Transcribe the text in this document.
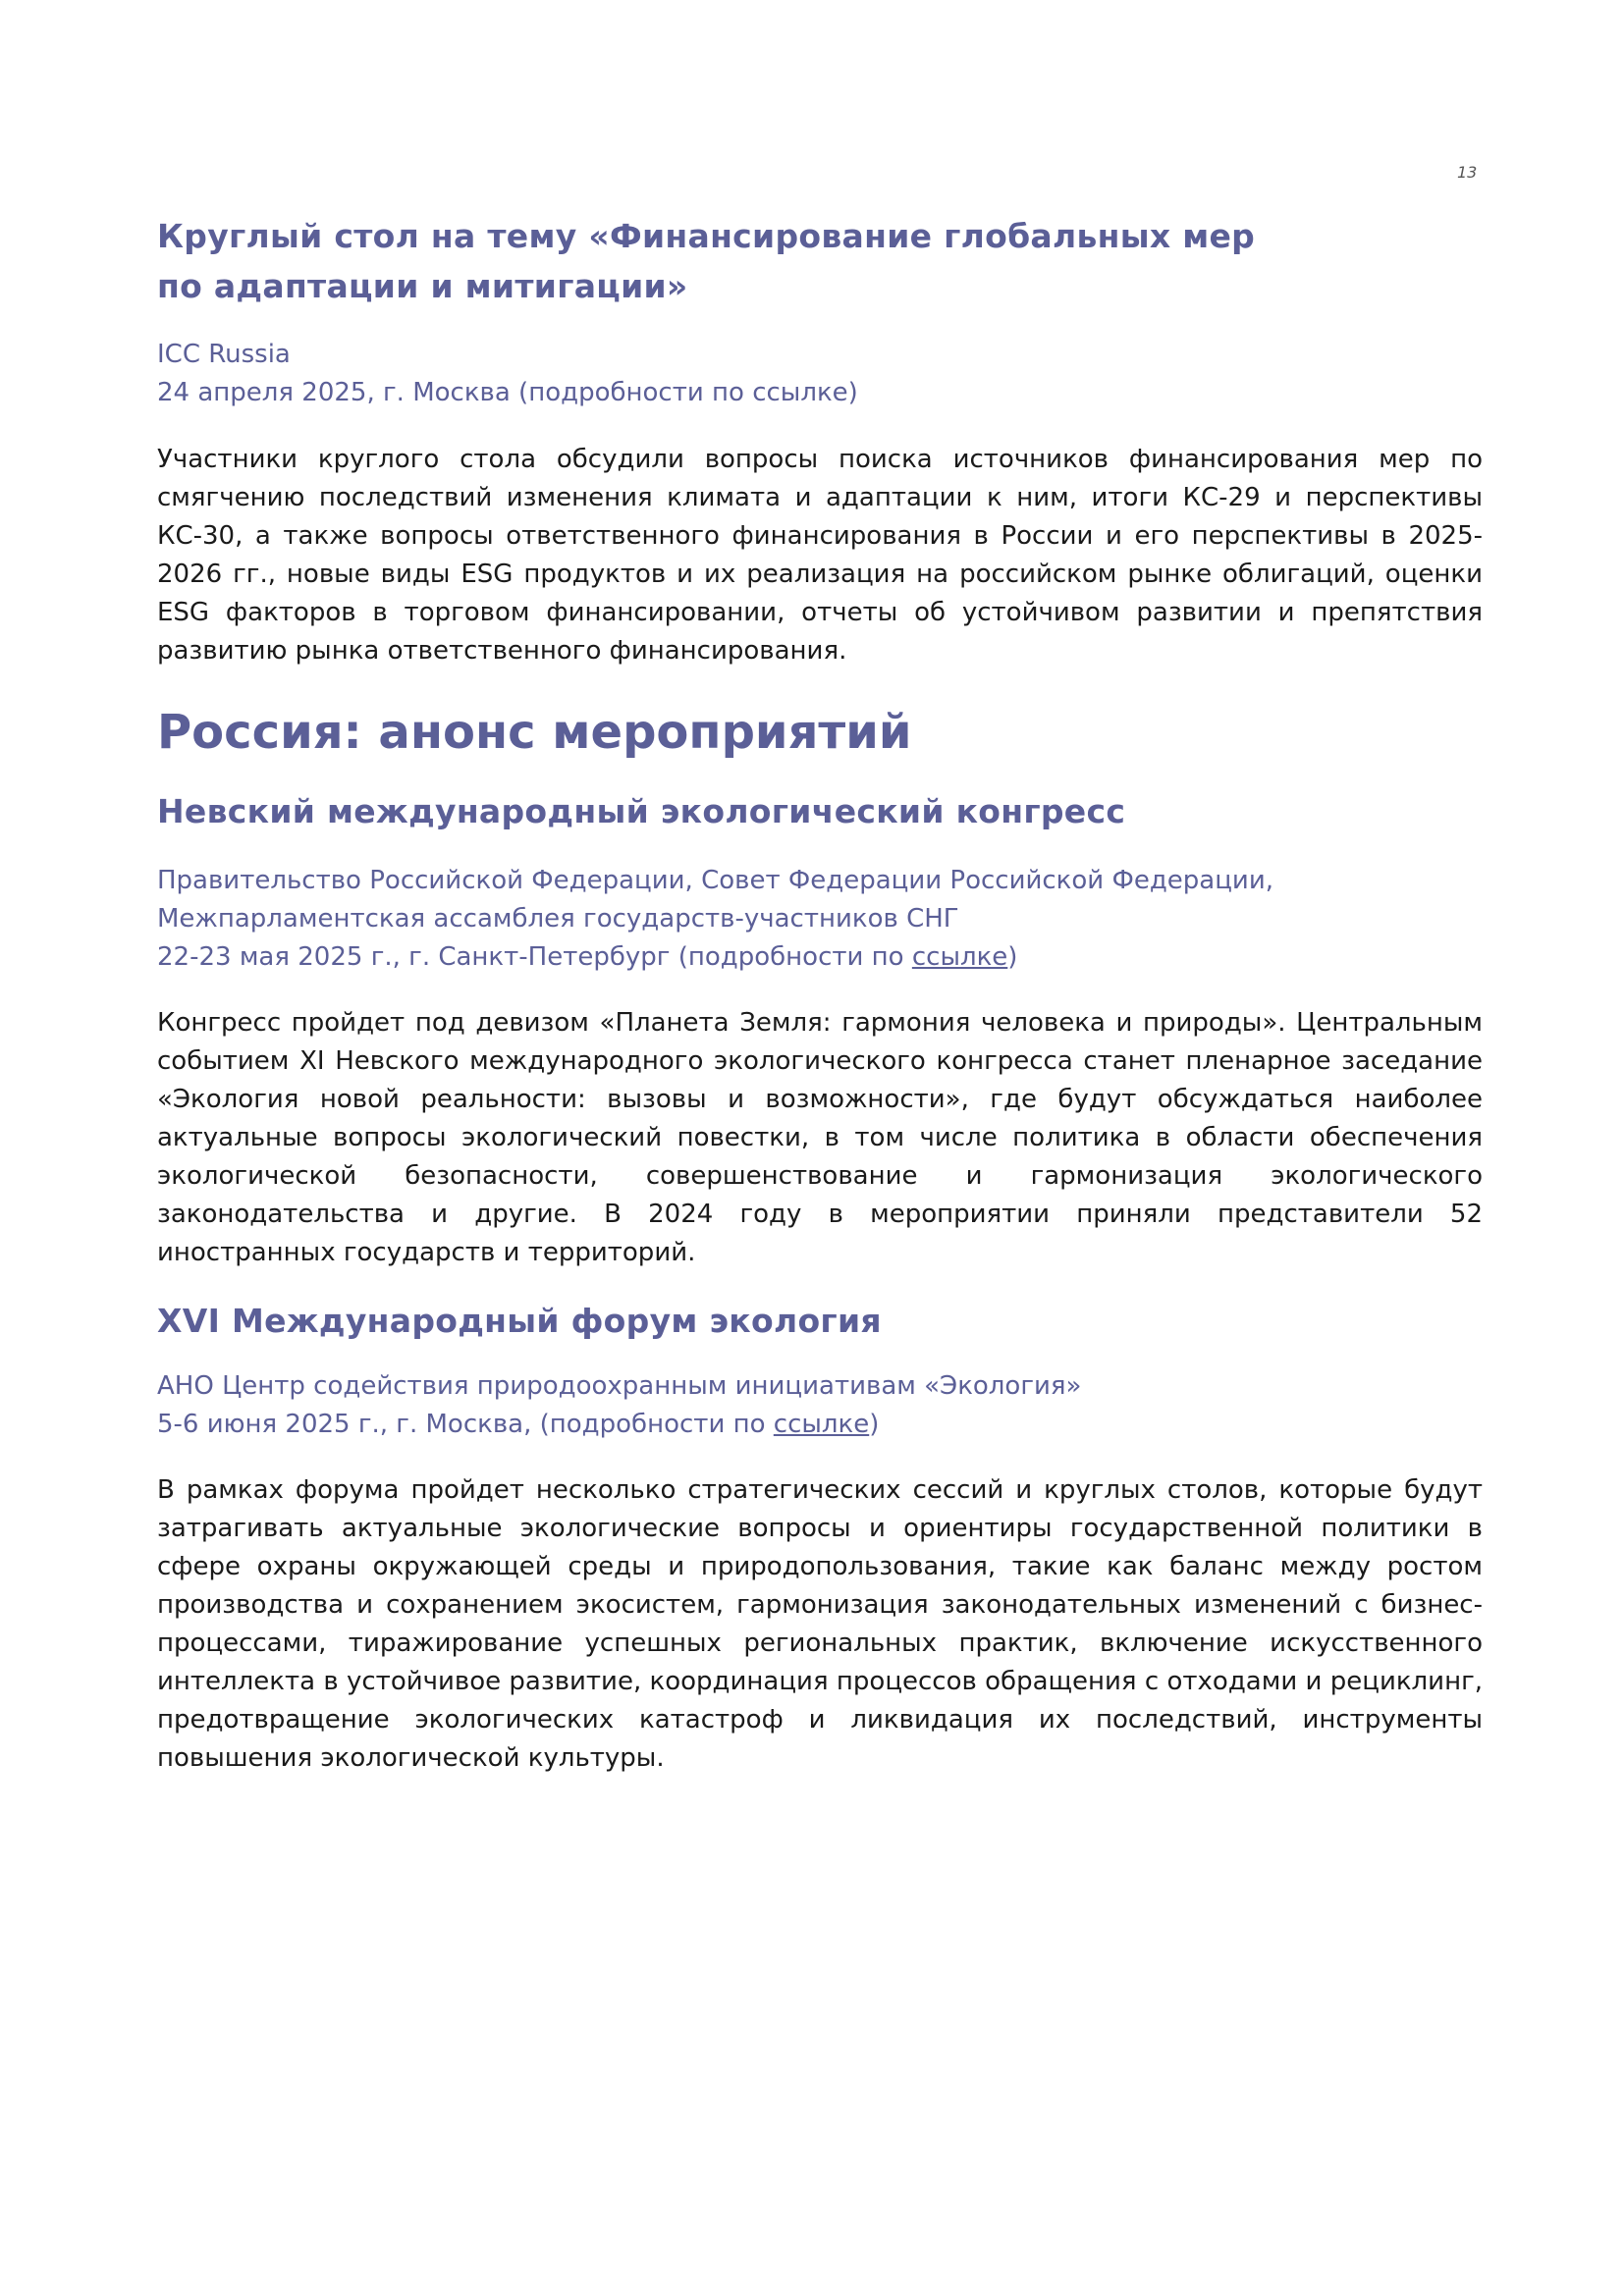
13
Круглый стол на тему «Финансирование глобальных мер по адаптации и митигации»

ICC Russia

24 апреля 2025, г. Москва (подробности по ссылке)

Участники круглого стола обсудили вопросы поиска источников финансирования мер по смягчению последствий изменения климата и адаптации к ним, итоги КС-29 и перспективы КС-30, а также вопросы ответственного финансирования в России и его перспективы в 2025-2026 гг., новые виды ESG продуктов и их реализация на российском рынке облигаций, оценки ESG факторов в торговом финансировании, отчеты об устойчивом развитии и препятствия развитию рынка ответственного финансирования.

Россия: анонс мероприятий
Невский международный экологический конгресс

Правительство Российской Федерации, Совет Федерации Российской Федерации, Межпарламентская ассамблея государств-участников СНГ

22-23 мая 2025 г., г. Санкт-Петербург (подробности по ссылке)

Конгресс пройдет под девизом «Планета Земля: гармония человека и природы». Центральным событием XI Невского международного экологического конгресса станет пленарное заседание «Экология новой реальности: вызовы и возможности», где будут обсуждаться наиболее актуальные вопросы экологический повестки, в том числе политика в области обеспечения экологической безопасности, совершенствование и гармонизация экологического законодательства и другие. В 2024 году в мероприятии приняли представители 52 иностранных государств и территорий.

XVI Международный форум экология

АНО Центр содействия природоохранным инициативам «Экология»

5-6 июня 2025 г., г. Москва, (подробности по ссылке)

В рамках форума пройдет несколько стратегических сессий и круглых столов, которые будут затрагивать актуальные экологические вопросы и ориентиры государственной политики в сфере охраны окружающей среды и природопользования, такие как баланс между ростом производства и сохранением экосистем, гармонизация законодательных изменений с бизнес-процессами, тиражирование успешных региональных практик, включение искусственного интеллекта в устойчивое развитие, координация процессов обращения с отходами и рециклинг, предотвращение экологических катастроф и ликвидация их последствий, инструменты повышения экологической культуры.
